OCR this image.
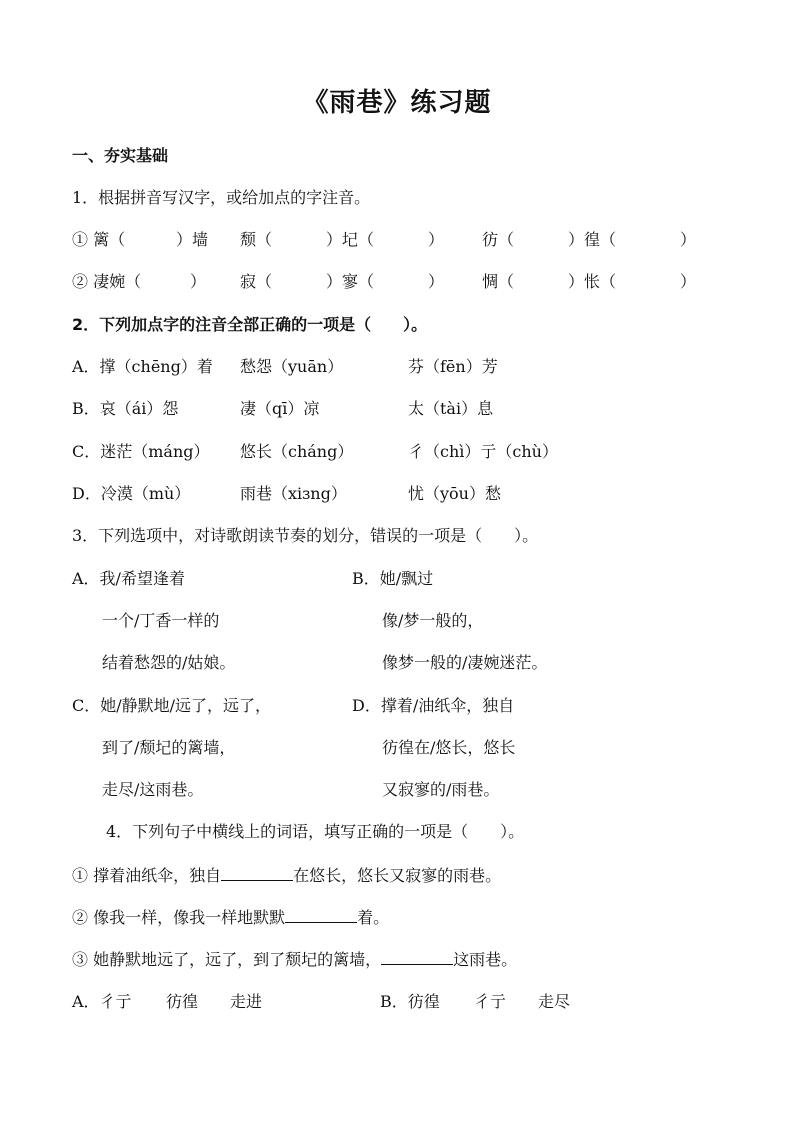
《雨巷》练习题
一、夯实基础
1．根据拼音写汉字，或给加点的字注音。
① 篱（	）墙 颓（	）圮（	） 彷（	）徨（	）
② 凄婉（	） 寂（	）寥（	） 惆（	）怅（	）
2．下列加点字的注音全部正确的一项是（　　）。
A．撑（chēng）着 愁怨（yuān）	芬（fēn）芳
B．哀（ái）怨	凄（qī）凉	太（tài）息
C．迷茫（máng） 悠长（cháng）	彳（chì）亍（chù）
D．冷漠（mù）	雨巷（xiɜng）	忧（yōu）愁
3．下列选项中，对诗歌朗读节奏的划分，错误的一项是（　　）。
A．我/希望逢着
一个/丁香一样的
结着愁怨的/姑娘。
B．她/飘过
像/梦一般的，
像梦一般的/凄婉迷茫。
C．她/静默地/远了，远了，
到了/颓圮的篱墙，
走尽/这雨巷。
D．撑着/油纸伞，独自
彷徨在/悠长，悠长
又寂寥的/雨巷。
4．下列句子中横线上的词语，填写正确的一项是（　　）。
① 撑着油纸伞，独自	在悠长，悠长又寂寥的雨巷。
② 像我一样，像我一样地默默	着。
③ 她静默地远了，远了，到了颓圮的篱墙，	这雨巷。
A．彳亍 彷徨 走进	B．彷徨 彳亍 走尽
